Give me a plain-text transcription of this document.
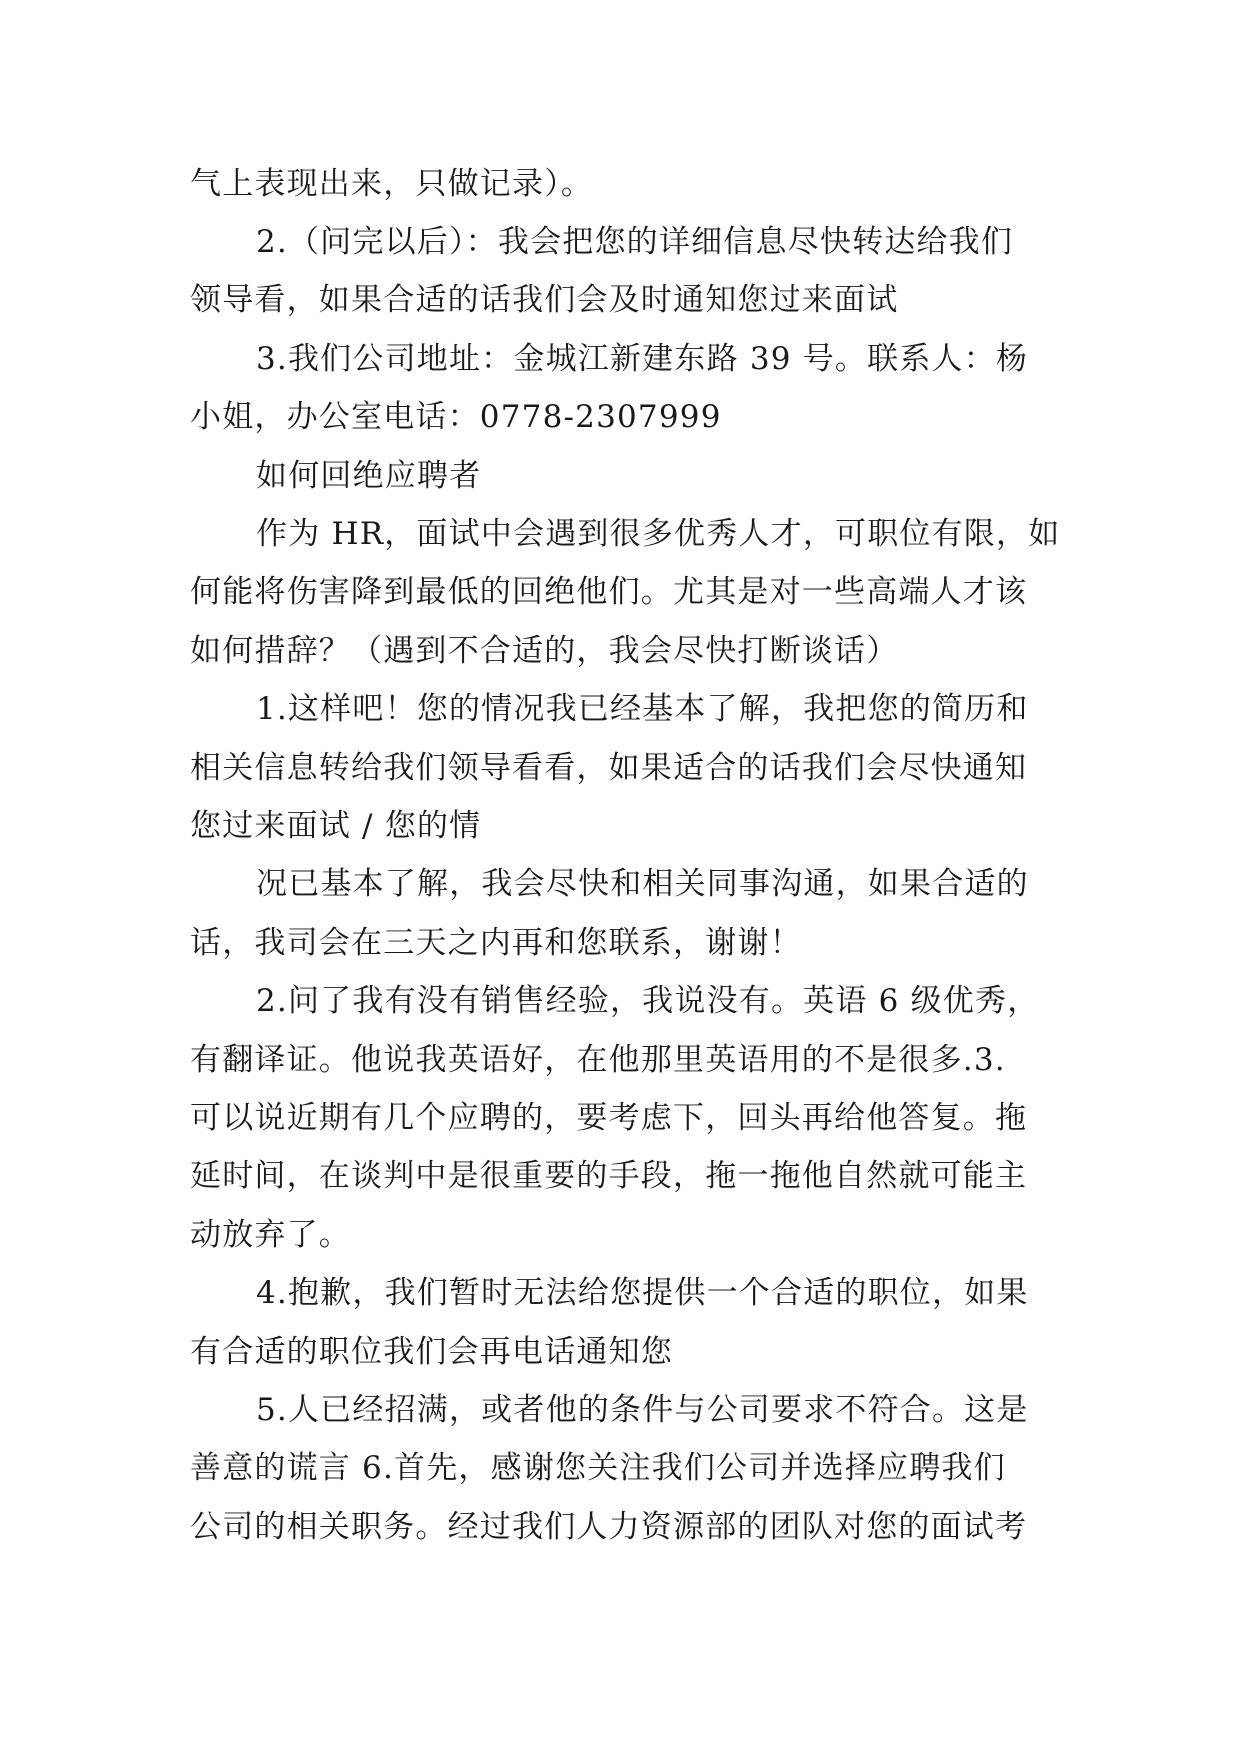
气上表现出来，只做记录）。

2.（问完以后）：我会把您的详细信息尽快转达给我们

领导看，如果合适的话我们会及时通知您过来面试

3.我们公司地址：金城江新建东路 39 号。联系人：杨

小姐，办公室电话：0778-2307999

如何回绝应聘者

作为 HR，面试中会遇到很多优秀人才，可职位有限，如

何能将伤害降到最低的回绝他们。尤其是对一些高端人才该

如何措辞？（遇到不合适的，我会尽快打断谈话）

1.这样吧！您的情况我已经基本了解，我把您的简历和

相关信息转给我们领导看看，如果适合的话我们会尽快通知

您过来面试 / 您的情

况已基本了解，我会尽快和相关同事沟通，如果合适的

话，我司会在三天之内再和您联系，谢谢！

2.问了我有没有销售经验，我说没有。英语 6 级优秀，

有翻译证。他说我英语好，在他那里英语用的不是很多.3.

可以说近期有几个应聘的，要考虑下，回头再给他答复。拖

延时间，在谈判中是很重要的手段，拖一拖他自然就可能主

动放弃了。

4.抱歉，我们暂时无法给您提供一个合适的职位，如果

有合适的职位我们会再电话通知您

5.人已经招满，或者他的条件与公司要求不符合。这是

善意的谎言 6.首先，感谢您关注我们公司并选择应聘我们

公司的相关职务。经过我们人力资源部的团队对您的面试考
